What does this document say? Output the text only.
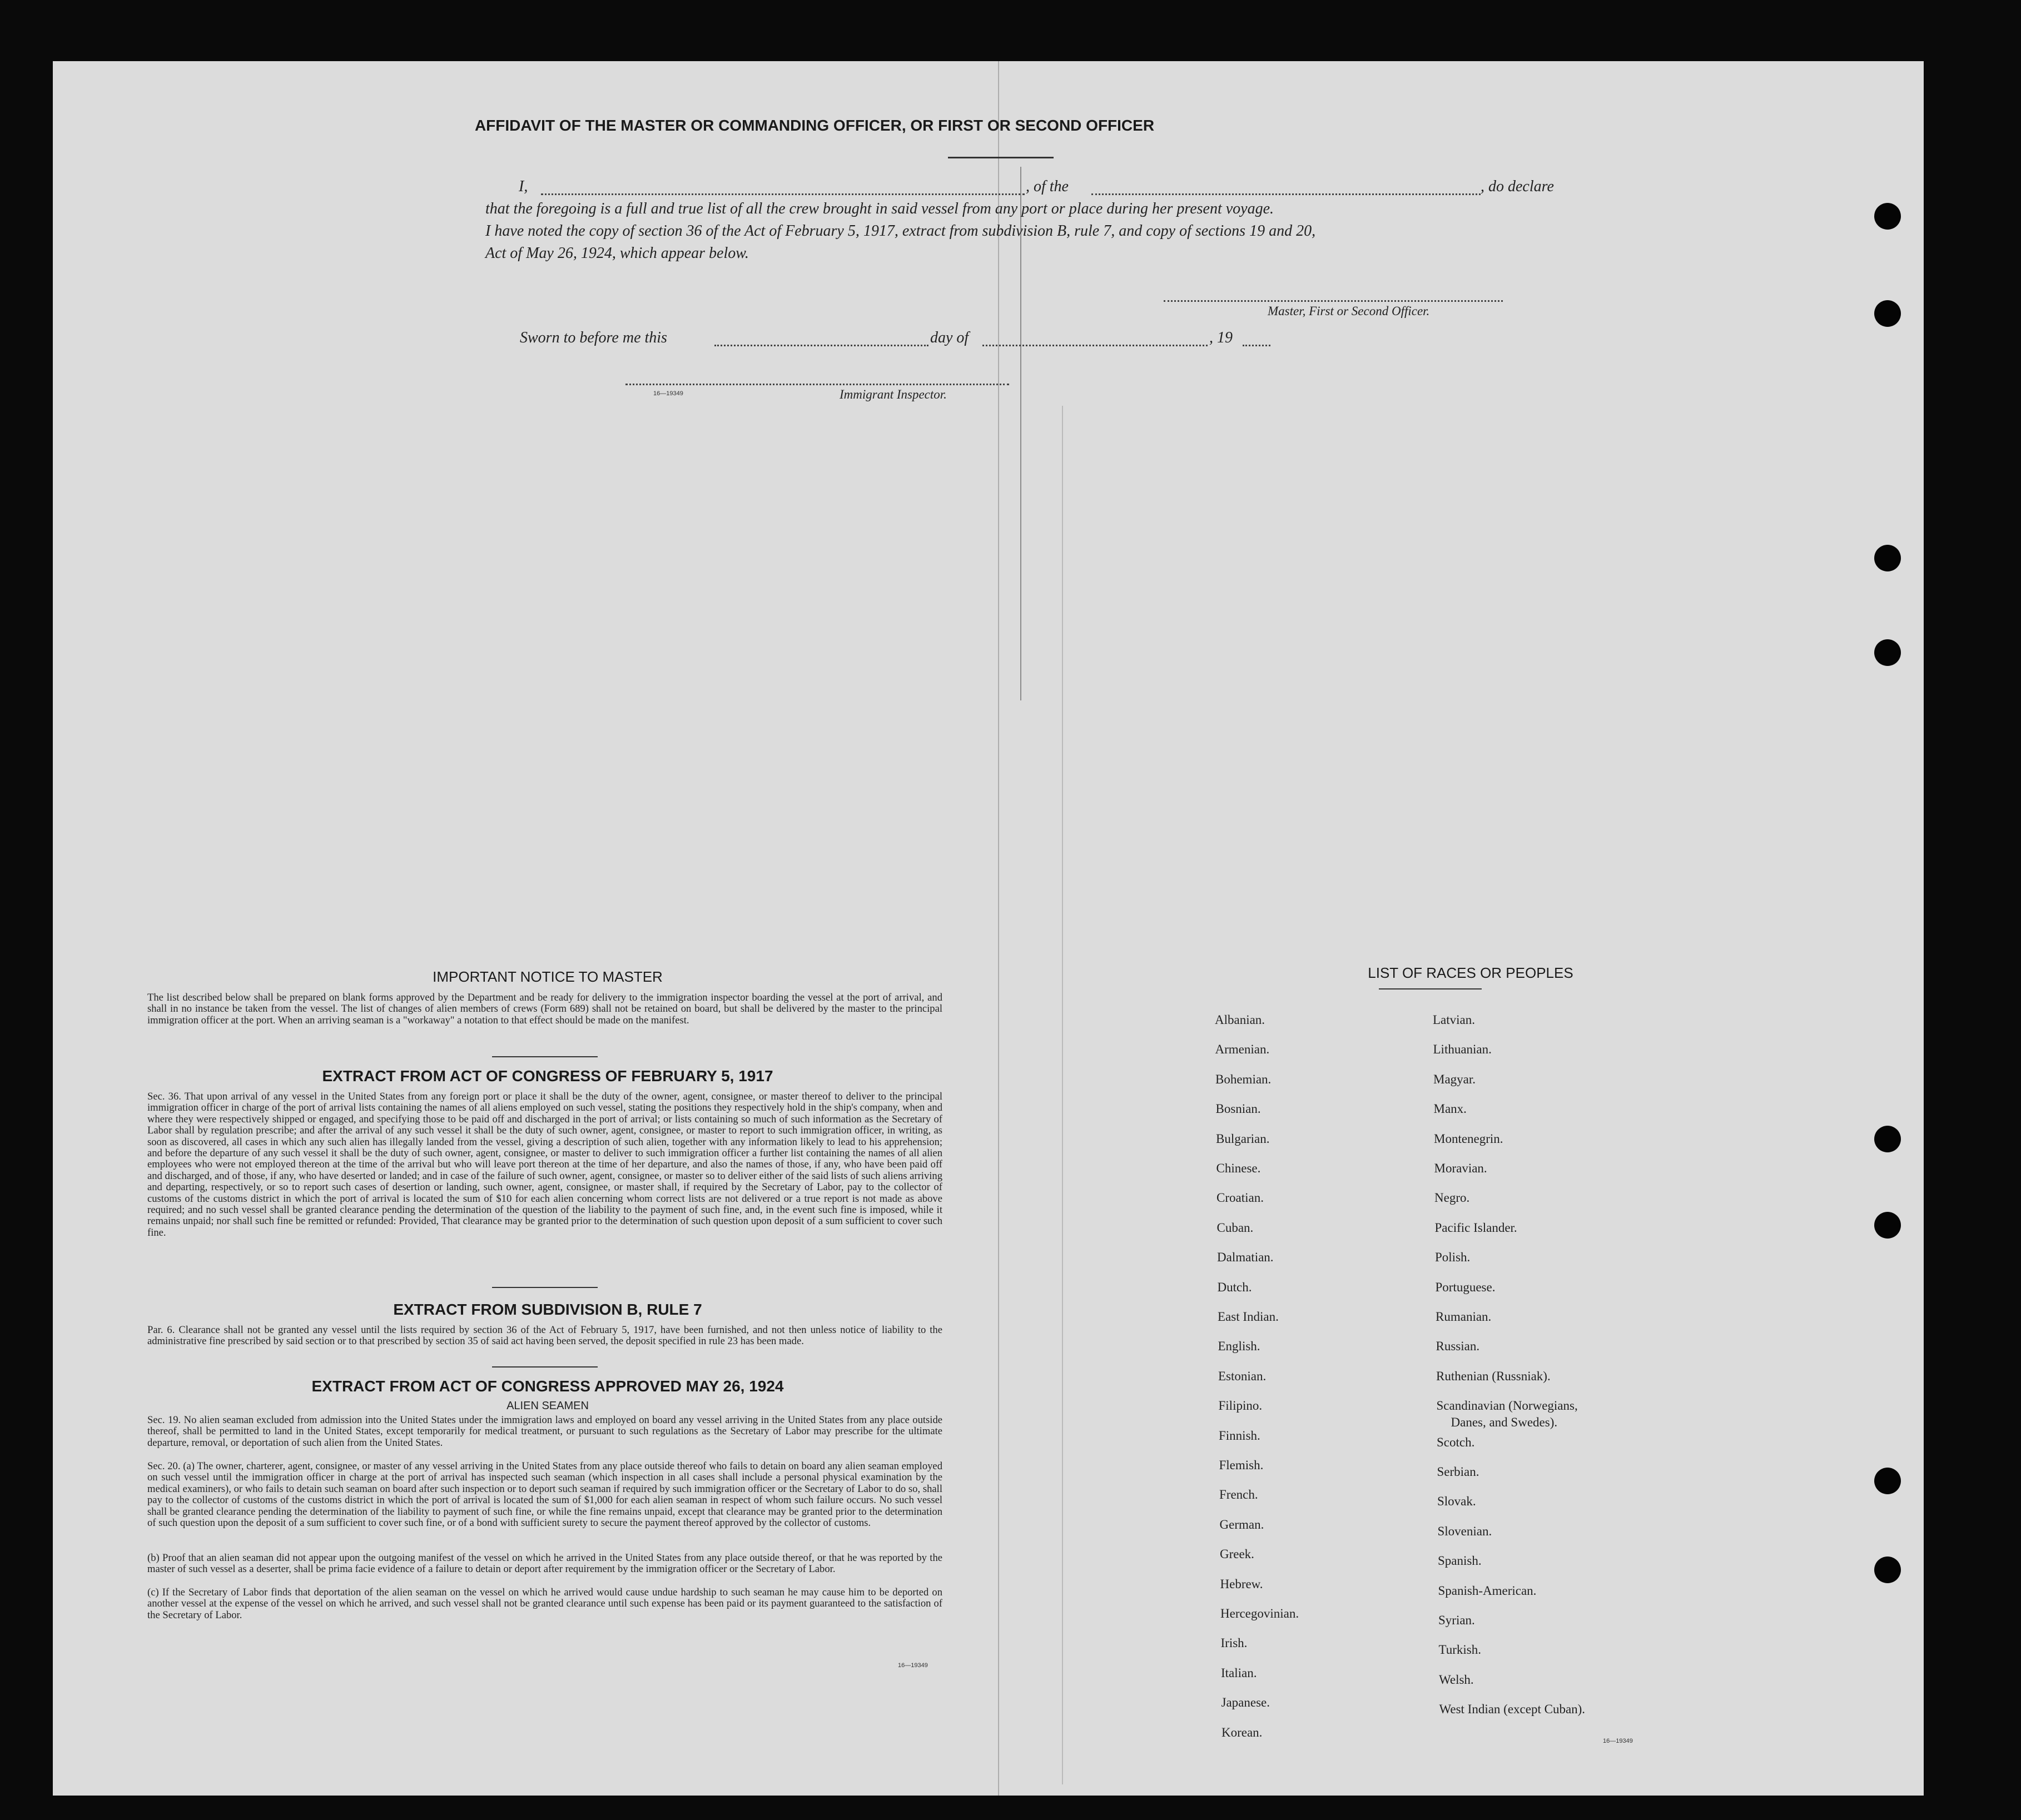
AFFIDAVIT OF THE MASTER OR COMMANDING OFFICER, OR FIRST OR SECOND OFFICER
I,	, of the	, do declare
that the foregoing is a full and true list of all the crew brought in said vessel from any port or place during her present voyage.
I have noted the copy of section 36 of the Act of February 5, 1917, extract from subdivision B, rule 7, and copy of sections 19 and 20,
Act of May 26, 1924, which appear below.
Master, First or Second Officer.
Sworn to before me this	day of	, 19
16—19349	Immigrant Inspector.
IMPORTANT NOTICE TO MASTER
The list described below shall be prepared on blank forms approved by the Department and be ready for delivery to the immigration inspector boarding the vessel at the port of arrival, and shall in no instance be taken from the vessel. The list of changes of alien members of crews (Form 689) shall not be retained on board, but shall be delivered by the master to the principal immigration officer at the port. When an arriving seaman is a "workaway" a notation to that effect should be made on the manifest.
EXTRACT FROM ACT OF CONGRESS OF FEBRUARY 5, 1917
Sec. 36. That upon arrival of any vessel in the United States from any foreign port or place it shall be the duty of the owner, agent, consignee, or master thereof to deliver to the principal immigration officer in charge of the port of arrival lists containing the names of all aliens employed on such vessel, stating the positions they respectively hold in the ship's company, when and where they were respectively shipped or engaged, and specifying those to be paid off and discharged in the port of arrival; or lists containing so much of such information as the Secretary of Labor shall by regulation prescribe; and after the arrival of any such vessel it shall be the duty of such owner, agent, consignee, or master to report to such immigration officer, in writing, as soon as discovered, all cases in which any such alien has illegally landed from the vessel, giving a description of such alien, together with any information likely to lead to his apprehension; and before the departure of any such vessel it shall be the duty of such owner, agent, consignee, or master to deliver to such immigration officer a further list containing the names of all alien employees who were not employed thereon at the time of the arrival but who will leave port thereon at the time of her departure, and also the names of those, if any, who have been paid off and discharged, and of those, if any, who have deserted or landed; and in case of the failure of such owner, agent, consignee, or master so to deliver either of the said lists of such aliens arriving and departing, respectively, or so to report such cases of desertion or landing, such owner, agent, consignee, or master shall, if required by the Secretary of Labor, pay to the collector of customs of the customs district in which the port of arrival is located the sum of $10 for each alien concerning whom correct lists are not delivered or a true report is not made as above required; and no such vessel shall be granted clearance pending the determination of the question of the liability to the payment of such fine, and, in the event such fine is imposed, while it remains unpaid; nor shall such fine be remitted or refunded: Provided, That clearance may be granted prior to the determination of such question upon deposit of a sum sufficient to cover such fine.
EXTRACT FROM SUBDIVISION B, RULE 7
Par. 6. Clearance shall not be granted any vessel until the lists required by section 36 of the Act of February 5, 1917, have been furnished, and not then unless notice of liability to the administrative fine prescribed by said section or to that prescribed by section 35 of said act having been served, the deposit specified in rule 23 has been made.
EXTRACT FROM ACT OF CONGRESS APPROVED MAY 26, 1924
ALIEN SEAMEN
Sec. 19. No alien seaman excluded from admission into the United States under the immigration laws and employed on board any vessel arriving in the United States from any place outside thereof, shall be permitted to land in the United States, except temporarily for medical treatment, or pursuant to such regulations as the Secretary of Labor may prescribe for the ultimate departure, removal, or deportation of such alien from the United States.
Sec. 20. (a) The owner, charterer, agent, consignee, or master of any vessel arriving in the United States from any place outside thereof who fails to detain on board any alien seaman employed on such vessel until the immigration officer in charge at the port of arrival has inspected such seaman (which inspection in all cases shall include a personal physical examination by the medical examiners), or who fails to detain such seaman on board after such inspection or to deport such seaman if required by such immigration officer or the Secretary of Labor to do so, shall pay to the collector of customs of the customs district in which the port of arrival is located the sum of $1,000 for each alien seaman in respect of whom such failure occurs. No such vessel shall be granted clearance pending the determination of the liability to payment of such fine, or while the fine remains unpaid, except that clearance may be granted prior to the determination of such question upon the deposit of a sum sufficient to cover such fine, or of a bond with sufficient surety to secure the payment thereof approved by the collector of customs.
(b) Proof that an alien seaman did not appear upon the outgoing manifest of the vessel on which he arrived in the United States from any place outside thereof, or that he was reported by the master of such vessel as a deserter, shall be prima facie evidence of a failure to detain or deport after requirement by the immigration officer or the Secretary of Labor.
(c) If the Secretary of Labor finds that deportation of the alien seaman on the vessel on which he arrived would cause undue hardship to such seaman he may cause him to be deported on another vessel at the expense of the vessel on which he arrived, and such vessel shall not be granted clearance until such expense has been paid or its payment guaranteed to the satisfaction of the Secretary of Labor.
16—19349
LIST OF RACES OR PEOPLES
16—19349
Albanian.
Armenian.
Bohemian.
Bosnian.
Bulgarian.
Chinese.
Croatian.
Cuban.
Dalmatian.
Dutch.
East Indian.
English.
Estonian.
Filipino.
Finnish.
Flemish.
French.
German.
Greek.
Hebrew.
Hercegovinian.
Irish.
Italian.
Japanese.
Korean.
Latvian.
Lithuanian.
Magyar.
Manx.
Montenegrin.
Moravian.
Negro.
Pacific Islander.
Polish.
Portuguese.
Rumanian.
Russian.
Ruthenian (Russniak).
Scandinavian (Norwegians,
Danes, and Swedes).
Scotch.
Serbian.
Slovak.
Slovenian.
Spanish.
Spanish-American.
Syrian.
Turkish.
Welsh.
West Indian (except Cuban).
